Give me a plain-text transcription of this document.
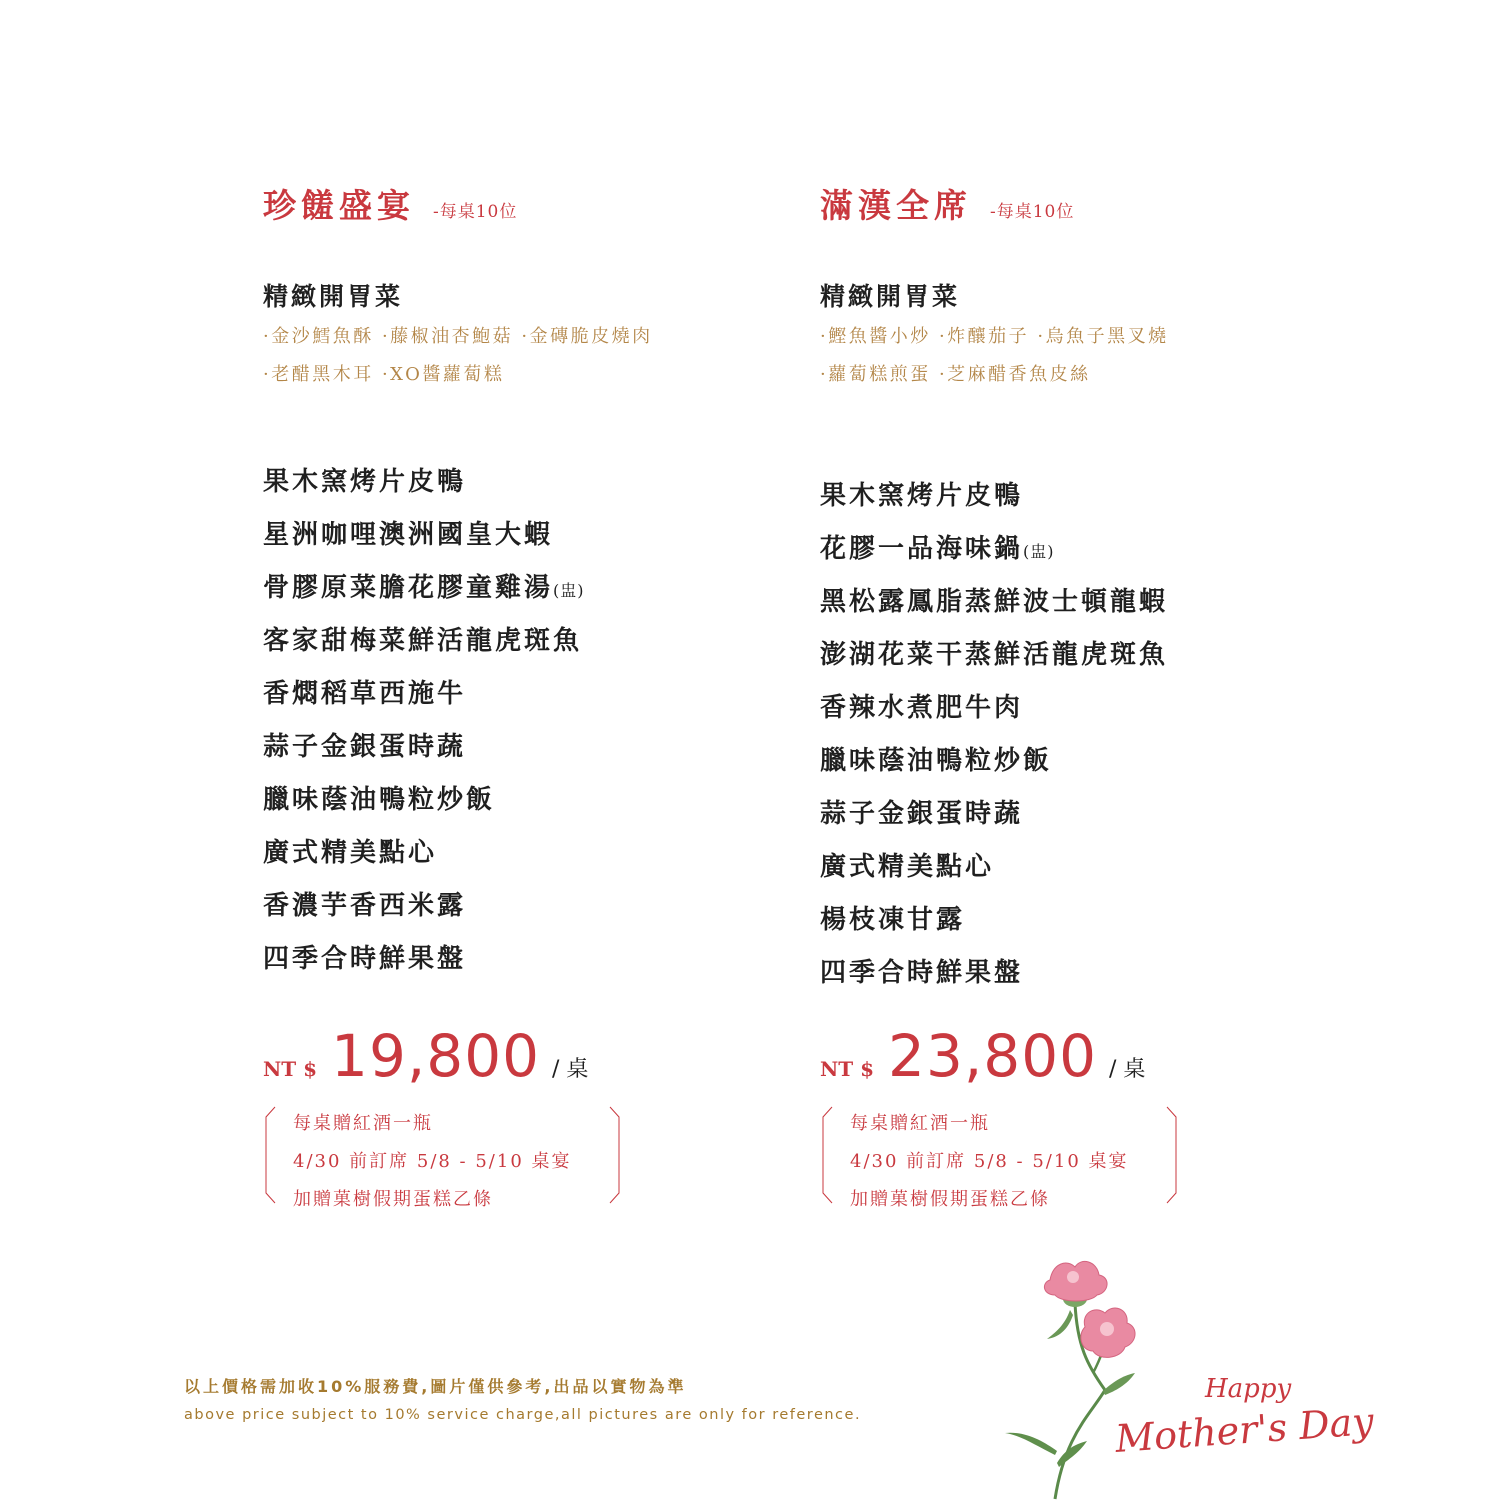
珍饈盛宴 -每桌10位
精緻開胃菜
·金沙鱈魚酥 ·藤椒油杏鮑菇 ·金磚脆皮燒肉
·老醋黑木耳 ·XO醬蘿蔔糕
果木窯烤片皮鴨
星洲咖哩澳洲國皇大蝦
骨膠原菜膽花膠童雞湯(盅)
客家甜梅菜鮮活龍虎斑魚
香燜稻草西施牛
蒜子金銀蛋時蔬
臘味蔭油鴨粒炒飯
廣式精美點心
香濃芋香西米露
四季合時鮮果盤
NT $ 19,800 / 桌
每桌贈紅酒一瓶
4/30 前訂席 5/8 - 5/10 桌宴
加贈菓樹假期蛋糕乙條
滿漢全席 -每桌10位
精緻開胃菜
·鰹魚醬小炒 ·炸釀茄子 ·烏魚子黑叉燒
·蘿蔔糕煎蛋 ·芝麻醋香魚皮絲
果木窯烤片皮鴨
花膠一品海味鍋(盅)
黑松露鳳脂蒸鮮波士頓龍蝦
澎湖花菜干蒸鮮活龍虎斑魚
香辣水煮肥牛肉
臘味蔭油鴨粒炒飯
蒜子金銀蛋時蔬
廣式精美點心
楊枝凍甘露
四季合時鮮果盤
NT $ 23,800 / 桌
每桌贈紅酒一瓶
4/30 前訂席 5/8 - 5/10 桌宴
加贈菓樹假期蛋糕乙條
以上價格需加收10%服務費,圖片僅供參考,出品以實物為準
above price subject to 10% service charge,all pictures are only for reference.
Happy
Mother's Day
